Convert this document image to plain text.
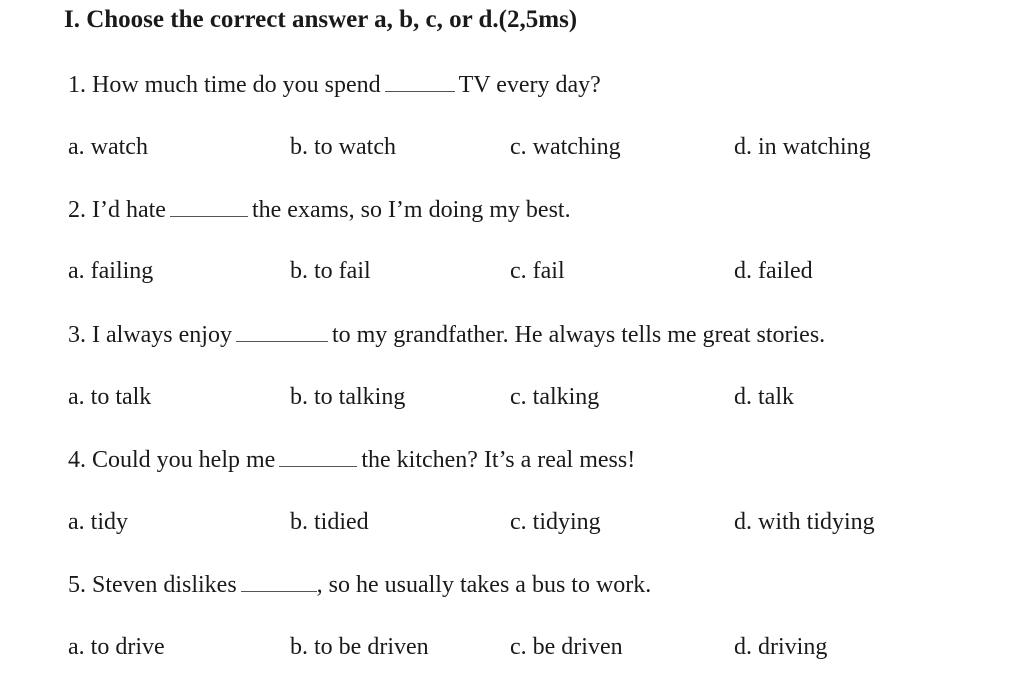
I. Choose the correct answer a, b, c, or d.(2,5ms)
1. How much time do you spend	TV every day?
a. watch	b. to watch	c. watching	d. in watching
2. I’d hate	the exams, so I’m doing my best.
a. failing	b. to fail	c. fail	d. failed
3. I always enjoy	to my grandfather. He always tells me great stories.
a. to talk	b. to talking	c. talking	d. talk
4. Could you help me	the kitchen? It’s a real mess!
a. tidy	b. tidied	c. tidying	d. with tidying
5. Steven dislikes	, so he usually takes a bus to work.
a. to drive	b. to be driven	c. be driven	d. driving
